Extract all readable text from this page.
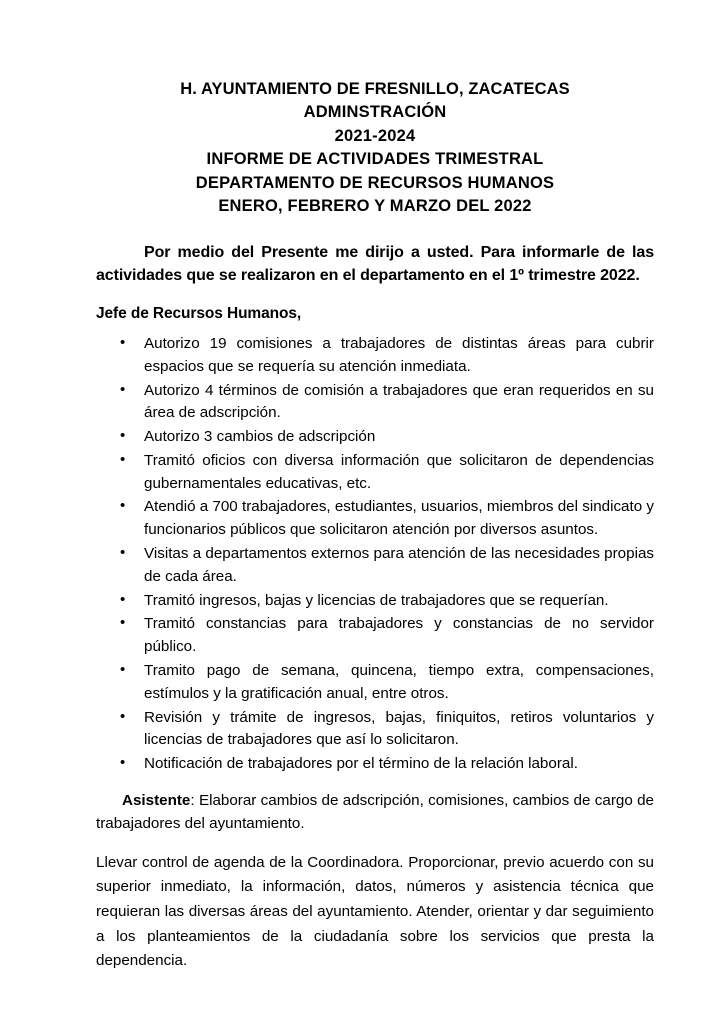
H. AYUNTAMIENTO DE FRESNILLO, ZACATECAS
ADMINSTRACIÓN
2021-2024
INFORME DE ACTIVIDADES TRIMESTRAL
DEPARTAMENTO DE RECURSOS HUMANOS
ENERO, FEBRERO Y MARZO DEL 2022

Por medio del Presente me dirijo a usted. Para informarle de las actividades que se realizaron en el departamento en el 1º trimestre 2022.

Jefe de Recursos Humanos,
• Autorizo 19 comisiones a trabajadores de distintas áreas para cubrir espacios que se requería su atención inmediata.
• Autorizo 4 términos de comisión a trabajadores que eran requeridos en su área de adscripción.
• Autorizo 3 cambios de adscripción
• Tramitó oficios con diversa información que solicitaron de dependencias gubernamentales educativas, etc.
• Atendió a 700 trabajadores, estudiantes, usuarios, miembros del sindicato y funcionarios públicos que solicitaron atención por diversos asuntos.
• Visitas a departamentos externos para atención de las necesidades propias de cada área.
• Tramitó ingresos, bajas y licencias de trabajadores que se requerían.
• Tramitó constancias para trabajadores y constancias de no servidor público.
• Tramito pago de semana, quincena, tiempo extra, compensaciones, estímulos y la gratificación anual, entre otros.
• Revisión y trámite de ingresos, bajas, finiquitos, retiros voluntarios y licencias de trabajadores que así lo solicitaron.
• Notificación de trabajadores por el término de la relación laboral.

Asistente: Elaborar cambios de adscripción, comisiones, cambios de cargo de trabajadores del ayuntamiento.

Llevar control de agenda de la Coordinadora. Proporcionar, previo acuerdo con su superior inmediato, la información, datos, números y asistencia técnica que requieran las diversas áreas del ayuntamiento. Atender, orientar y dar seguimiento a los planteamientos de la ciudadanía sobre los servicios que presta la dependencia.
